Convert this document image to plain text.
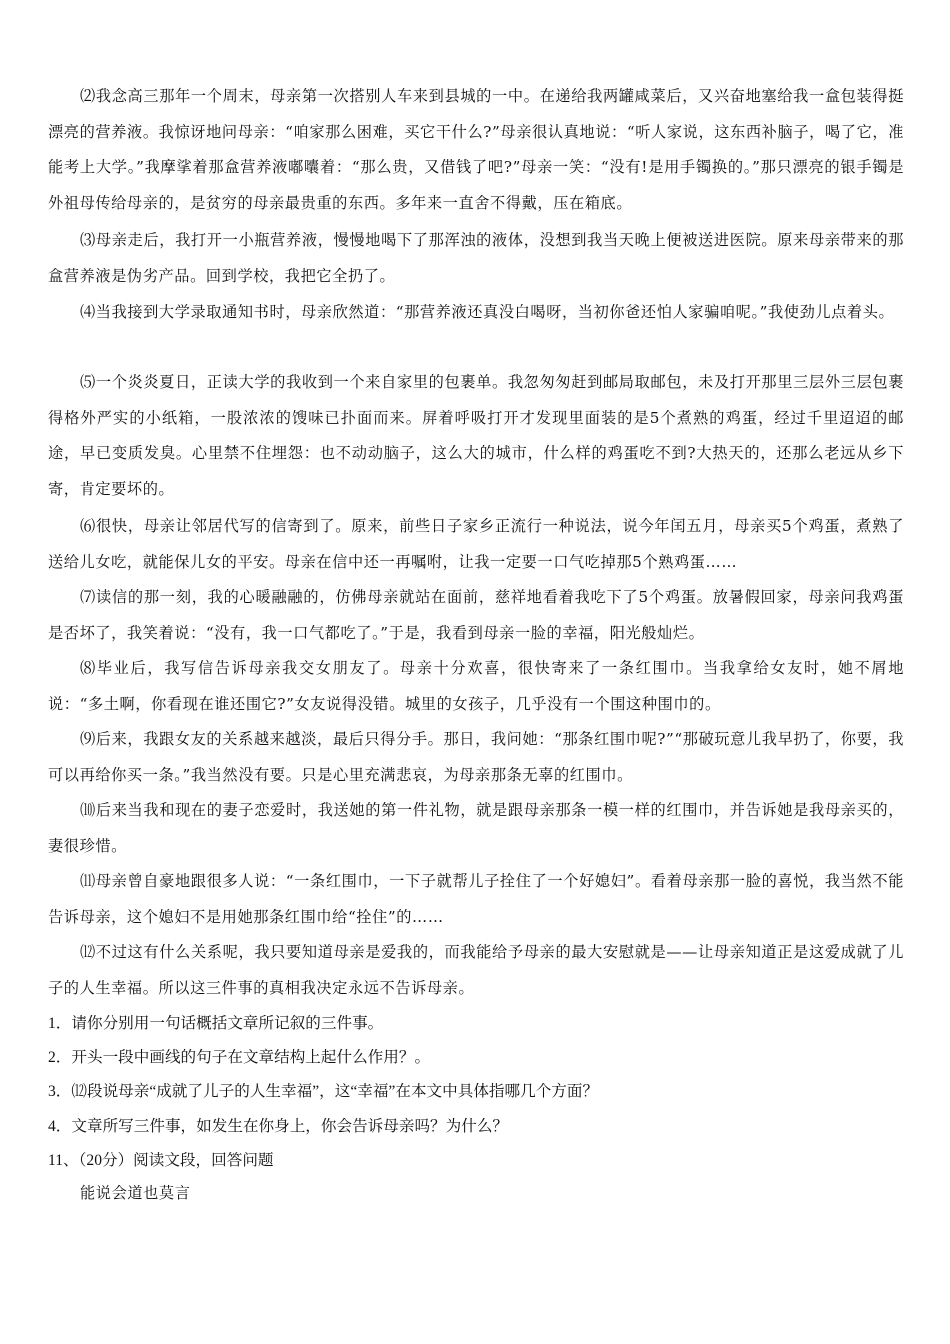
⑵我念高三那年一个周末，母亲第一次搭别人车来到县城的一中。在递给我两罐咸菜后，又兴奋地塞给我一盒包装得挺漂亮的营养液。我惊讶地问母亲：“咱家那么困难，买它干什么?”母亲很认真地说：“听人家说，这东西补脑子，喝了它，准能考上大学。”我摩挲着那盒营养液嘟囔着：“那么贵，又借钱了吧?”母亲一笑：“没有!是用手镯换的。”那只漂亮的银手镯是外祖母传给母亲的，是贫穷的母亲最贵重的东西。多年来一直舍不得戴，压在箱底。

⑶母亲走后，我打开一小瓶营养液，慢慢地喝下了那浑浊的液体，没想到我当天晚上便被送进医院。原来母亲带来的那盒营养液是伪劣产品。回到学校，我把它全扔了。

⑷当我接到大学录取通知书时，母亲欣然道：“那营养液还真没白喝呀，当初你爸还怕人家骗咱呢。”我使劲儿点着头。

⑸一个炎炎夏日，正读大学的我收到一个来自家里的包裹单。我忽匆匆赶到邮局取邮包，未及打开那里三层外三层包裹得格外严实的小纸箱，一股浓浓的馊味已扑面而来。屏着呼吸打开才发现里面装的是5个煮熟的鸡蛋，经过千里迢迢的邮途，早已变质发臭。心里禁不住埋怨：也不动动脑子，这么大的城市，什么样的鸡蛋吃不到?大热天的，还那么老远从乡下寄，肯定要坏的。

⑹很快，母亲让邻居代写的信寄到了。原来，前些日子家乡正流行一种说法，说今年闰五月，母亲买5个鸡蛋，煮熟了送给儿女吃，就能保儿女的平安。母亲在信中还一再嘱咐，让我一定要一口气吃掉那5个熟鸡蛋……

⑺读信的那一刻，我的心暖融融的，仿佛母亲就站在面前，慈祥地看着我吃下了5个鸡蛋。放暑假回家，母亲问我鸡蛋是否坏了，我笑着说：“没有，我一口气都吃了。”于是，我看到母亲一脸的幸福，阳光般灿烂。

⑻毕业后，我写信告诉母亲我交女朋友了。母亲十分欢喜，很快寄来了一条红围巾。当我拿给女友时，她不屑地说：“多土啊，你看现在谁还围它?”女友说得没错。城里的女孩子，几乎没有一个围这种围巾的。

⑼后来，我跟女友的关系越来越淡，最后只得分手。那日，我问她：“那条红围巾呢?”“那破玩意儿我早扔了，你要，我可以再给你买一条。”我当然没有要。只是心里充满悲哀，为母亲那条无辜的红围巾。

⑽后来当我和现在的妻子恋爱时，我送她的第一件礼物，就是跟母亲那条一模一样的红围巾，并告诉她是我母亲买的，妻很珍惜。

⑾母亲曾自豪地跟很多人说：“一条红围巾，一下子就帮儿子拴住了一个好媳妇”。看着母亲那一脸的喜悦，我当然不能告诉母亲，这个媳妇不是用她那条红围巾给“拴住”的……

⑿不过这有什么关系呢，我只要知道母亲是爱我的，而我能给予母亲的最大安慰就是——让母亲知道正是这爱成就了儿子的人生幸福。所以这三件事的真相我决定永远不告诉母亲。

1．请你分别用一句话概括文章所记叙的三件事。

2．开头一段中画线的句子在文章结构上起什么作用？。

3．⑿段说母亲“成就了儿子的人生幸福”，这“幸福”在本文中具体指哪几个方面？

4．文章所写三件事，如发生在你身上，你会告诉母亲吗？为什么？

11、（20分）阅读文段，回答问题

能说会道也莫言
